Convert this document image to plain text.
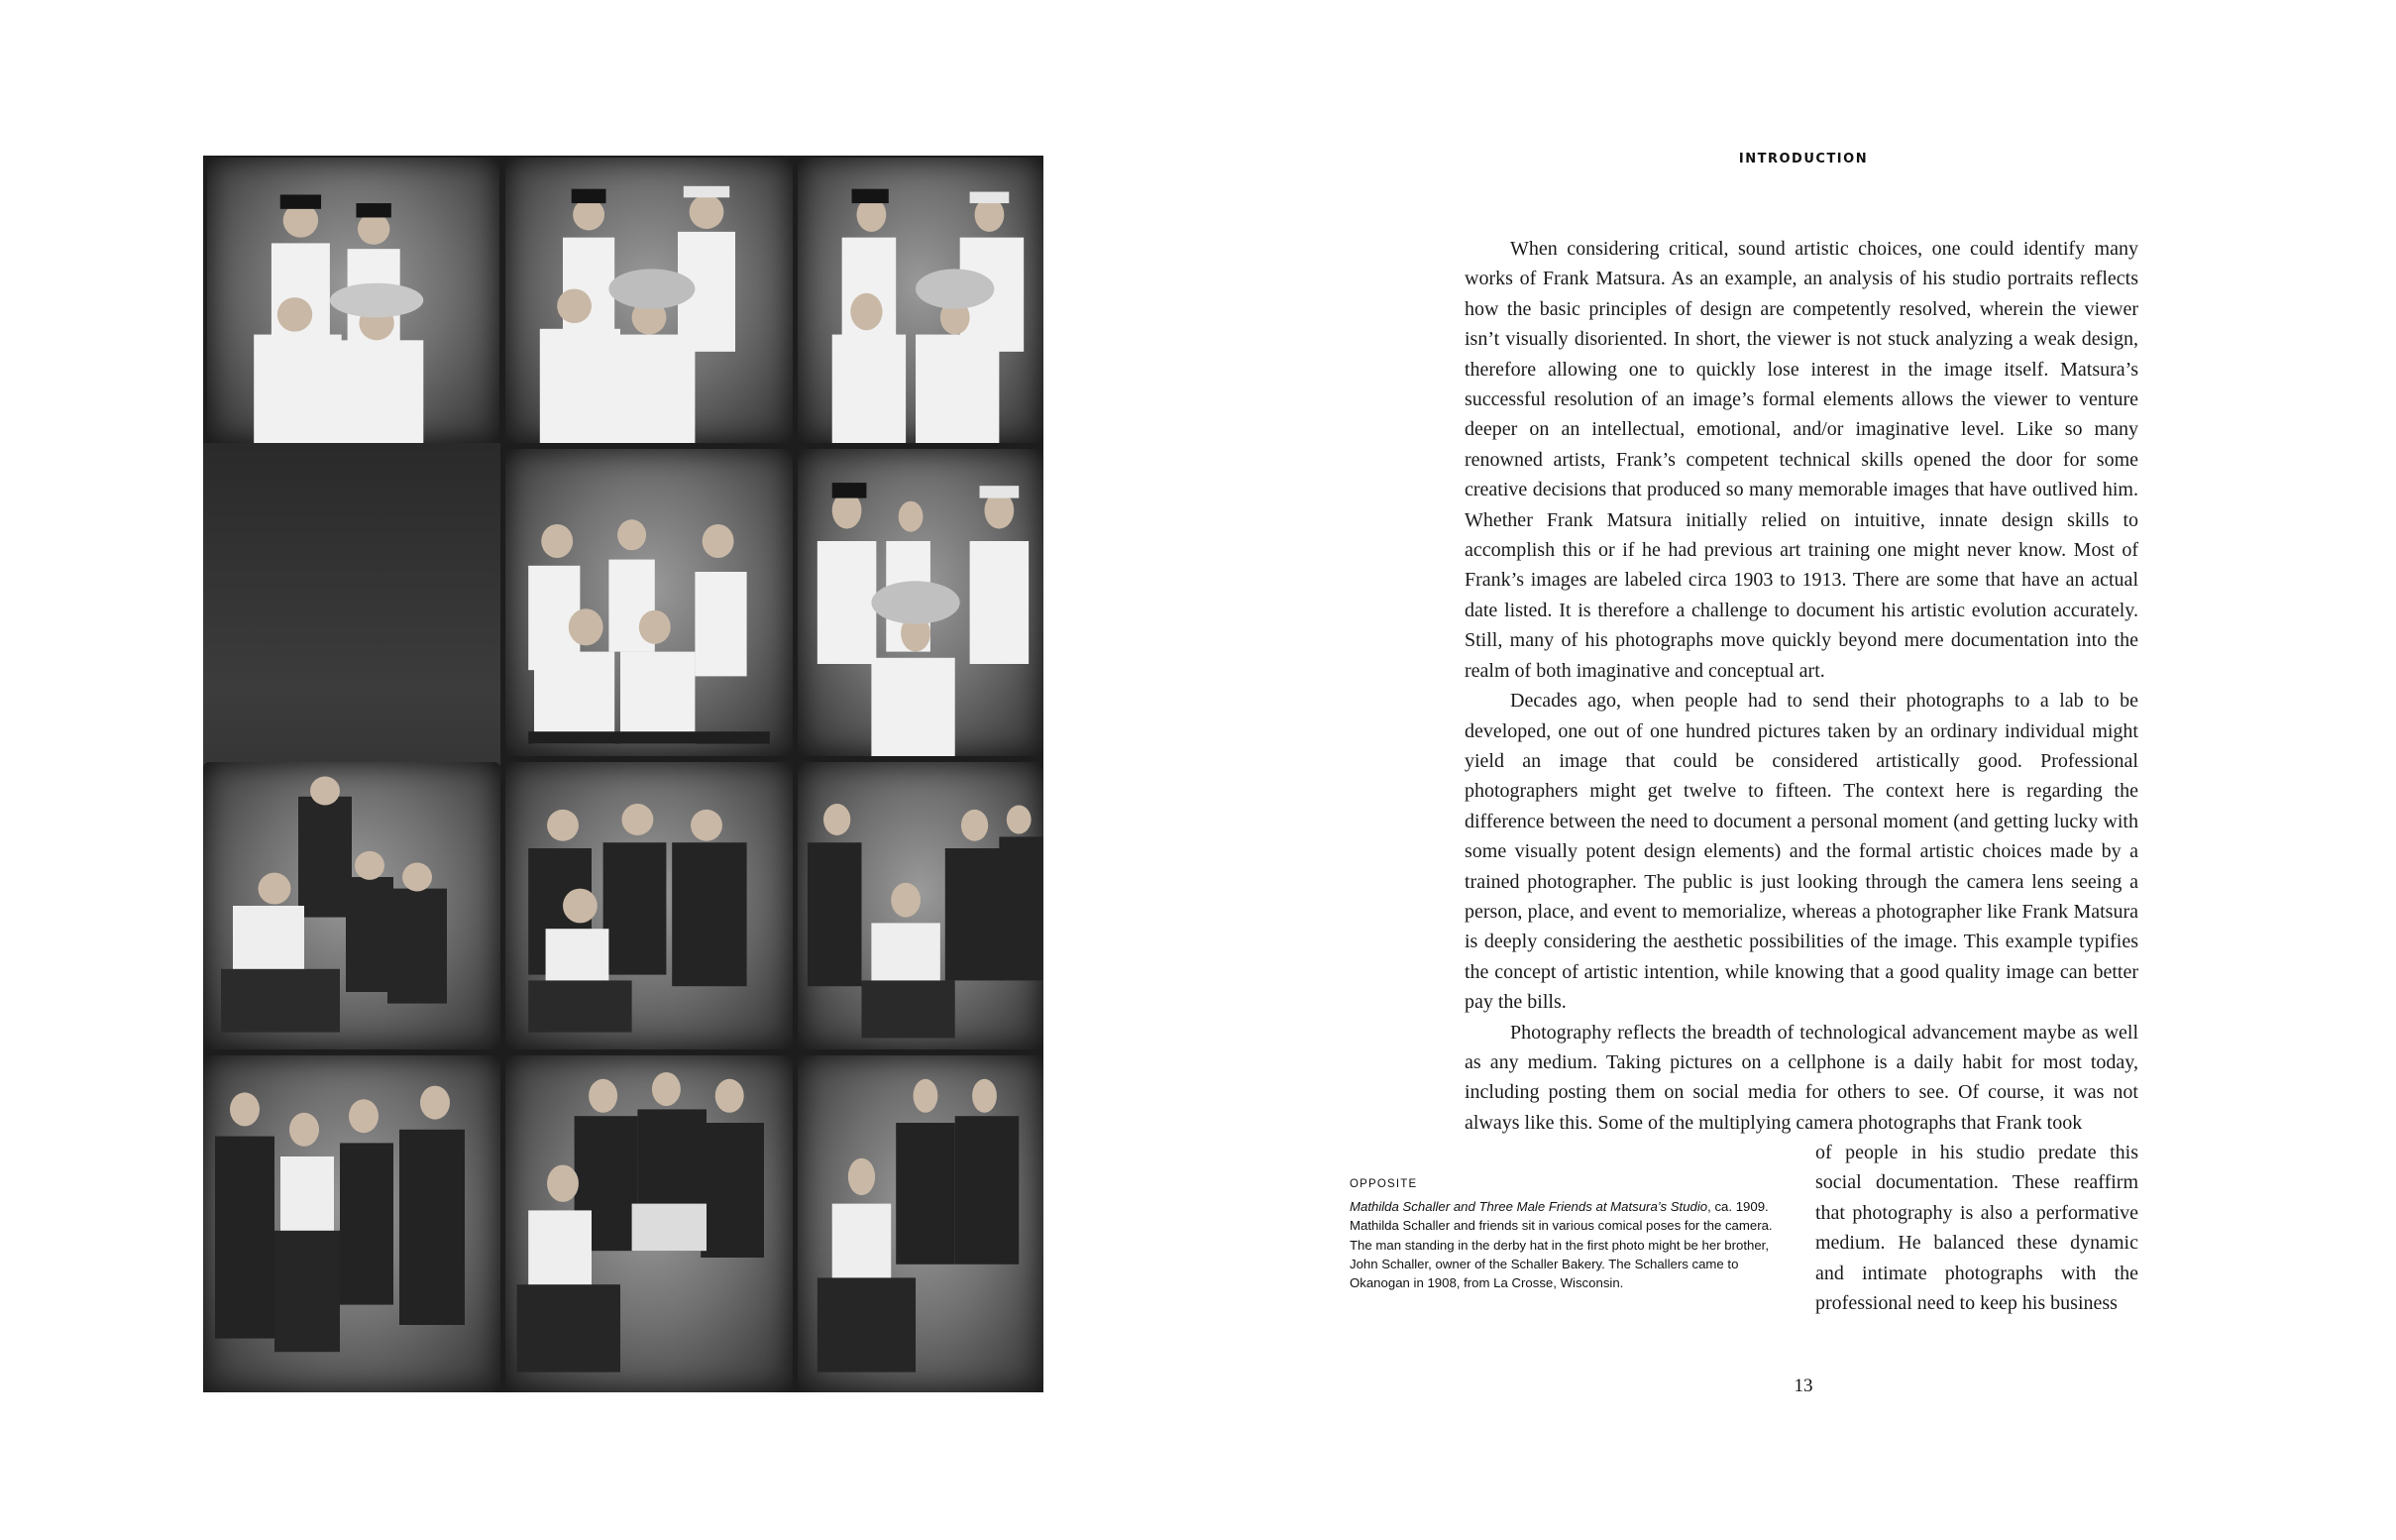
INTRODUCTION

When considering critical, sound artistic choices, one could identify many works of Frank Matsura. As an example, an analysis of his studio portraits reflects how the basic principles of design are competently resolved, wherein the viewer isn’t visually disoriented. In short, the viewer is not stuck analyzing a weak design, therefore allowing one to quickly lose interest in the image itself. Matsura’s successful resolution of an image’s formal elements allows the viewer to venture deeper on an intellectual, emotional, and/or imaginative level. Like so many renowned artists, Frank’s competent technical skills opened the door for some creative decisions that produced so many memorable images that have outlived him. Whether Frank Matsura initially relied on intuitive, innate design skills to accomplish this or if he had previous art training one might never know. Most of Frank’s images are labeled circa 1903 to 1913. There are some that have an actual date listed. It is therefore a challenge to document his artistic evolution accurately. Still, many of his photographs move quickly beyond mere documentation into the realm of both imaginative and conceptual art.

Decades ago, when people had to send their photographs to a lab to be developed, one out of one hundred pictures taken by an ordinary individual might yield an image that could be considered artistically good. Professional photographers might get twelve to fifteen. The context here is regarding the difference between the need to document a personal moment (and getting lucky with some visually potent design elements) and the formal artistic choices made by a trained photographer. The public is just looking through the camera lens seeing a person, place, and event to memorialize, whereas a photographer like Frank Matsura is deeply considering the aesthetic possibilities of the image. This example typifies the concept of artistic intention, while knowing that a good quality image can better pay the bills.

Photography reflects the breadth of technological advancement maybe as well as any medium. Taking pictures on a cellphone is a daily habit for most today, including posting them on social media for others to see. Of course, it was not always like this. Some of the multiplying camera photographs that Frank took

of people in his studio predate this social documentation. These reaffirm that photography is also a performative medium. He balanced these dynamic and intimate photographs with the professional need to keep his business
OPPOSITE
Mathilda Schaller and Three Male Friends at Matsura’s Studio, ca. 1909. Mathilda Schaller and friends sit in various comical poses for the camera. The man standing in the derby hat in the first photo might be her brother, John Schaller, owner of the Schaller Bakery. The Schallers came to Okanogan in 1908, from La Crosse, Wisconsin.
13
